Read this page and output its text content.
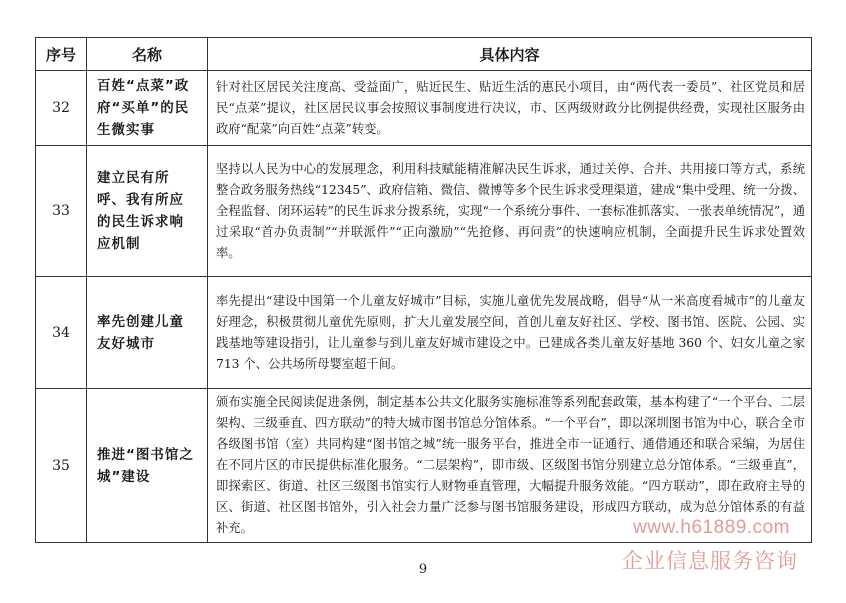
序号	名称	具体内容
32	百姓“点菜”政府“买单”的民生微实事	针对社区居民关注度高、受益面广，贴近民生、贴近生活的惠民小项目，由“两代表一委员”、社区党员和居民“点菜”提议，社区居民议事会按照议事制度进行决议，市、区两级财政分比例提供经费，实现社区服务由政府“配菜”向百姓“点菜”转变。
33	建立民有所呼、我有所应的民生诉求响应机制	坚持以人民为中心的发展理念，利用科技赋能精准解决民生诉求，通过关停、合并、共用接口等方式，系统整合政务服务热线“12345”、政府信箱、微信、微博等多个民生诉求受理渠道，建成“集中受理、统一分拨、全程监督、闭环运转”的民生诉求分拨系统，实现“一个系统分事件、一套标准抓落实、一张表单统情况”，通过采取“首办负责制”“并联派件”“正向激励”“先抢修、再问责”的快速响应机制，全面提升民生诉求处置效率。
34	率先创建儿童友好城市	率先提出“建设中国第一个儿童友好城市”目标，实施儿童优先发展战略，倡导“从一米高度看城市”的儿童友好理念，积极贯彻儿童优先原则，扩大儿童发展空间，首创儿童友好社区、学校、图书馆、医院、公园、实践基地等建设指引，让儿童参与到儿童友好城市建设之中。已建成各类儿童友好基地 360 个、妇女儿童之家 713 个、公共场所母婴室超千间。
35	推进“图书馆之城”建设	颁布实施全民阅读促进条例，制定基本公共文化服务实施标准等系列配套政策，基本构建了“一个平台、二层架构、三级垂直、四方联动”的特大城市图书馆总分馆体系。“一个平台”，即以深圳图书馆为中心，联合全市各级图书馆（室）共同构建“图书馆之城”统一服务平台，推进全市一证通行、通借通还和联合采编，为居住在不同片区的市民提供标准化服务。“二层架构”，即市级、区级图书馆分别建立总分馆体系。“三级垂直”，即探索区、街道、社区三级图书馆实行人财物垂直管理，大幅提升服务效能。“四方联动”，即在政府主导的区、街道、社区图书馆外，引入社会力量广泛参与图书馆服务建设，形成四方联动，成为总分馆体系的有益补充。	www.h61889.com
企业信息服务咨询
9
